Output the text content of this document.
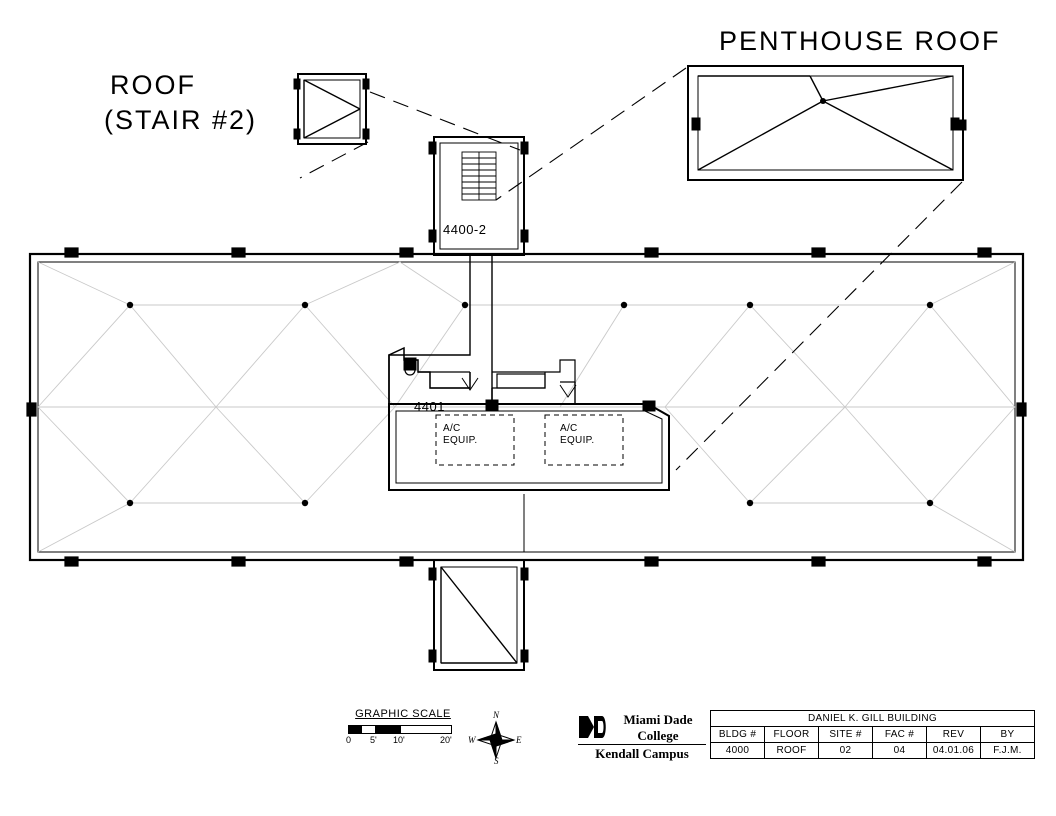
ROOF
(STAIR #2)
PENTHOUSE ROOF
4400-2
4401
A/C
EQUIP.
A/C
EQUIP.
GRAPHIC SCALE
0 5' 10'	20'
N
S
E
W
Miami Dade
College
Kendall Campus
DANIEL K. GILL BUILDING					
BLDG #	FLOOR	SITE #	FAC #	REV	BY
4000	ROOF	02	04	04.01.06	F.J.M.
